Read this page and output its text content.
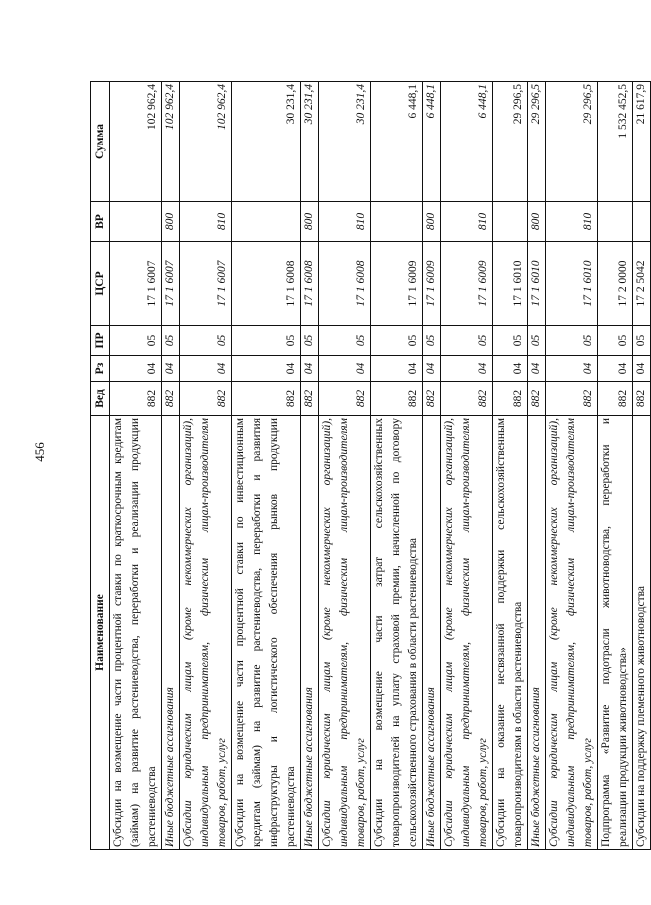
456
Наименование	Вед	Рз	ПР	ЦСР	ВР	Сумма

Субсидии на возмещение части процентной ставки по краткосрочным кредитам (займам) на развитие растениеводства, переработки и реализации продукции растениеводства	882	04	05	17 1 6007		102 962,4

Иные бюджетные ассигнования	882	04	05	17 1 6007	800	102 962,4

Субсидии юридическим лицам (кроме некоммерческих организаций), индивидуальным предпринимателям, физическим лицам-производителям товаров, работ, услуг	882	04	05	17 1 6007	810	102 962,4

Субсидии на возмещение части процентной ставки по инвестиционным кредитам (займам) на развитие растениеводства, переработки и развития инфраструктуры и логистического обеспечения рынков продукции растениеводства	882	04	05	17 1 6008		30 231,4

Иные бюджетные ассигнования	882	04	05	17 1 6008	800	30 231,4

Субсидии юридическим лицам (кроме некоммерческих организаций), индивидуальным предпринимателям, физическим лицам-производителям товаров, работ, услуг	882	04	05	17 1 6008	810	30 231,4

Субсидии на возмещение части затрат сельскохозяйственных товаропроизводителей на уплату страховой премии, начисленной по договору сельскохозяйственного страхования в области растениеводства	882	04	05	17 1 6009		6 448,1

Иные бюджетные ассигнования	882	04	05	17 1 6009	800	6 448,1

Субсидии юридическим лицам (кроме некоммерческих организаций), индивидуальным предпринимателям, физическим лицам-производителям товаров, работ, услуг	882	04	05	17 1 6009	810	6 448,1

Субсидии на оказание несвязанной поддержки сельскохозяйственным товаропроизводителям в области растениеводства	882	04	05	17 1 6010		29 296,5

Иные бюджетные ассигнования	882	04	05	17 1 6010	800	29 296,5

Субсидии юридическим лицам (кроме некоммерческих организаций), индивидуальным предпринимателям, физическим лицам-производителям товаров, работ, услуг	882	04	05	17 1 6010	810	29 296,5

Подпрограмма «Развитие подотрасли животноводства, переработки и реализации продукции животноводства»	882	04	05	17 2 0000		1 532 452,5

Субсидии на поддержку племенного животноводства	882	04	05	17 2 5042		21 617,9
